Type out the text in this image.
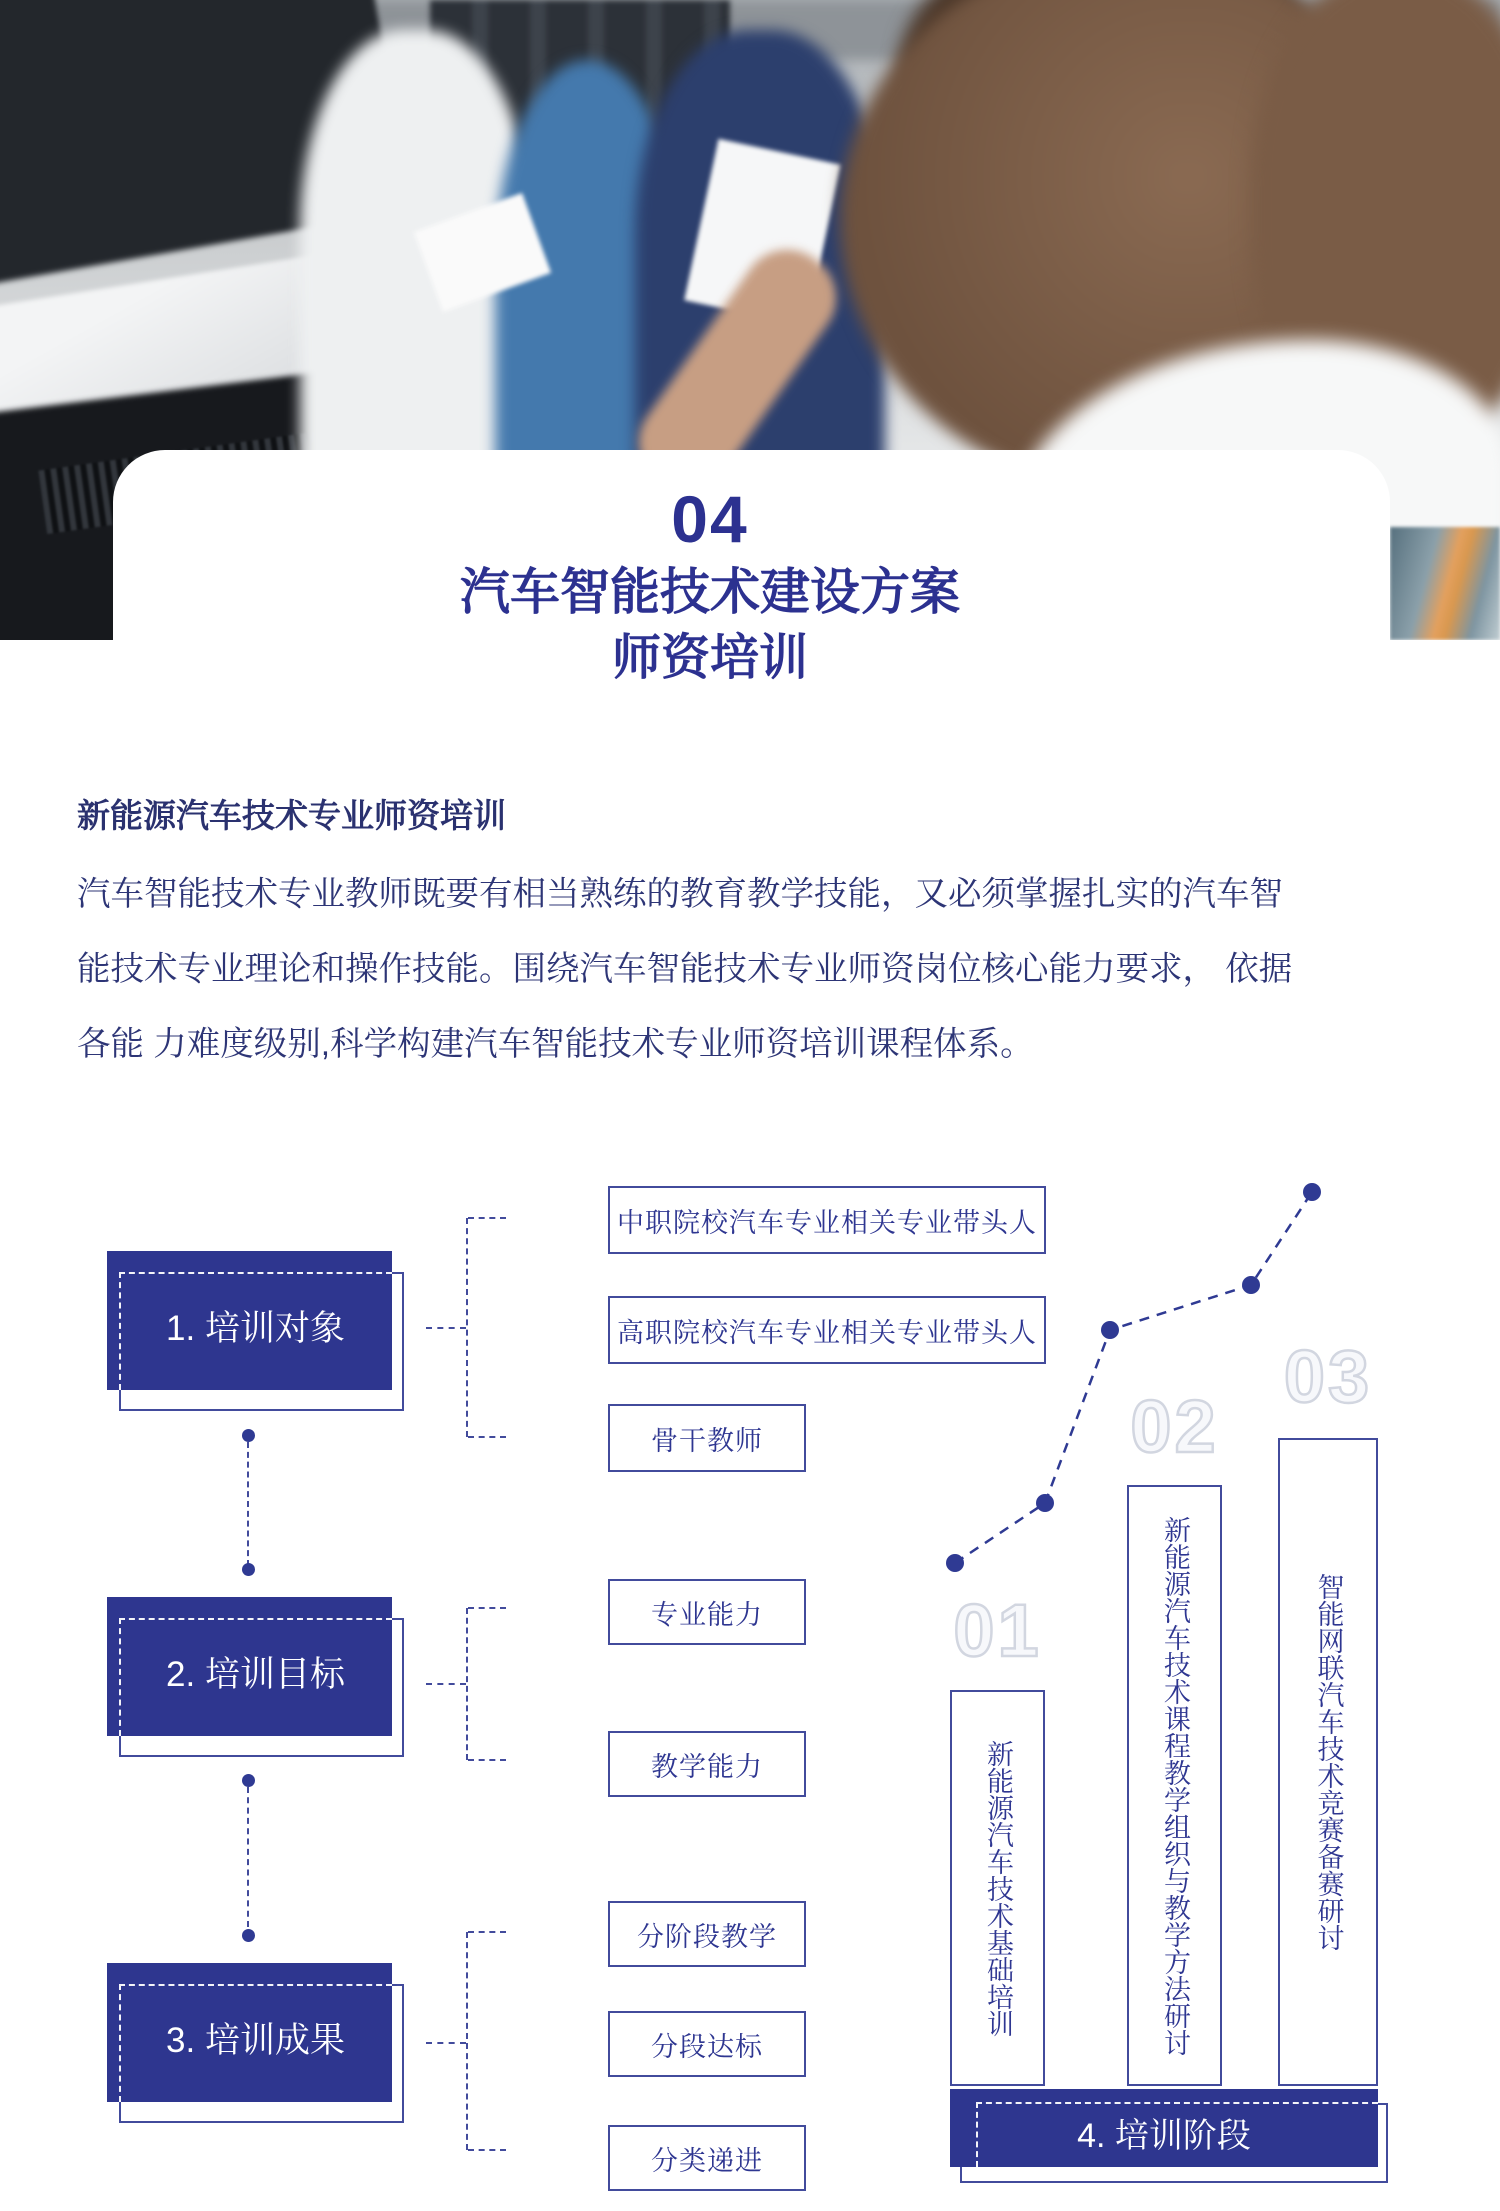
04
汽车智能技术建设方案
师资培训
新能源汽车技术专业师资培训
汽车智能技术专业教师既要有相当熟练的教育教学技能，又必须掌握扎实的汽车智
能技术专业理论和操作技能。围绕汽车智能技术专业师资岗位核心能力要求， 依据
各能 力难度级别,科学构建汽车智能技术专业师资培训课程体系。
1. 培训对象
2. 培训目标
3. 培训成果
中职院校汽车专业相关专业带头人
高职院校汽车专业相关专业带头人
骨干教师
专业能力
教学能力
分阶段教学
分段达标
分类递进
01
02
03
新能源汽车技术基础培训	新能源汽车技术课程教学组织与教学方法研讨	智能网联汽车技术竞赛备赛研讨
4. 培训阶段
